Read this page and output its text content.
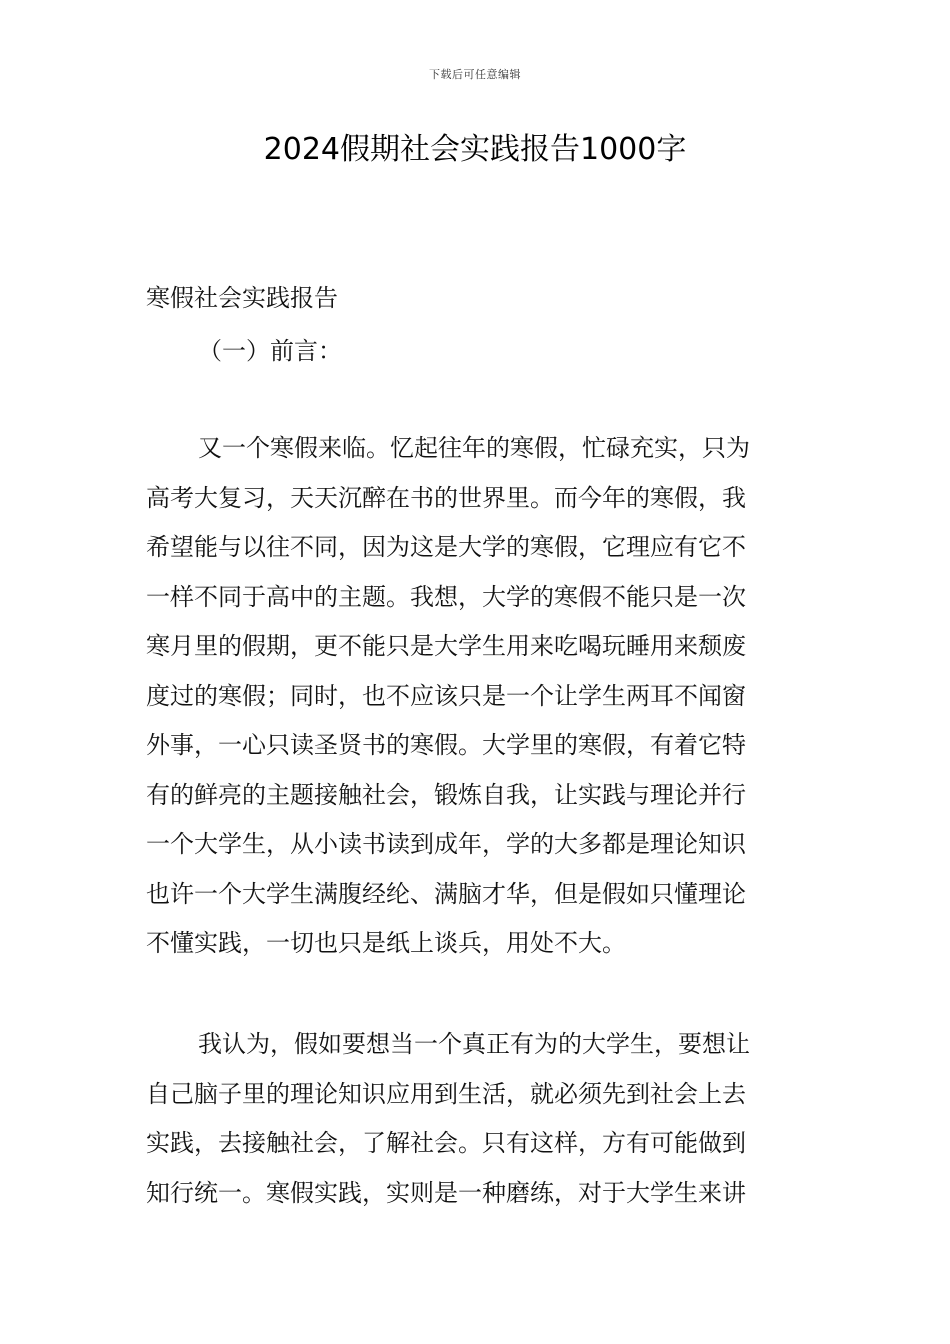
下载后可任意编辑
2024假期社会实践报告1000字
寒假社会实践报告
（一）前言：
又一个寒假来临。忆起往年的寒假，忙碌充实，只为
高考大复习，天天沉醉在书的世界里。而今年的寒假，我
希望能与以往不同，因为这是大学的寒假，它理应有它不
一样不同于高中的主题。我想，大学的寒假不能只是一次
寒月里的假期，更不能只是大学生用来吃喝玩睡用来颓废
度过的寒假；同时，也不应该只是一个让学生两耳不闻窗
外事，一心只读圣贤书的寒假。大学里的寒假，有着它特
有的鲜亮的主题接触社会，锻炼自我，让实践与理论并行
一个大学生，从小读书读到成年，学的大多都是理论知识
也许一个大学生满腹经纶、满脑才华，但是假如只懂理论
不懂实践，一切也只是纸上谈兵，用处不大。
我认为，假如要想当一个真正有为的大学生，要想让
自己脑子里的理论知识应用到生活，就必须先到社会上去
实践，去接触社会，了解社会。只有这样，方有可能做到
知行统一。寒假实践，实则是一种磨练，对于大学生来讲
